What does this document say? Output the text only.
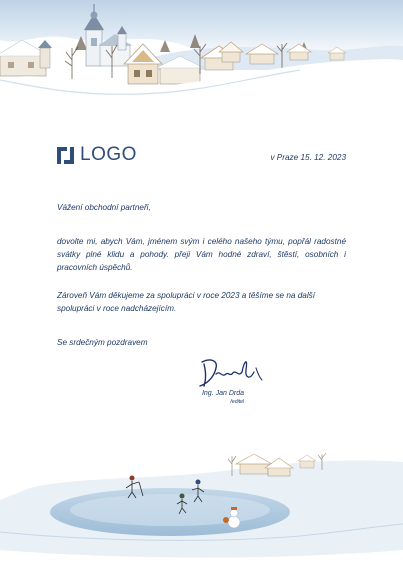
LOGO	v Praze 15. 12. 2023
Vážení obchodní partneři,
dovolte mi, abych Vám, jménem svým i celého našeho týmu, popřál radostné svátky plné klidu a pohody. přeji Vám hodné zdraví, štěstí, osobních i pracovních úspěchů.
Zároveň Vám děkujeme za spolupráci v roce 2023 a těšíme se na další spolupráci v roce nadcházejícím.
Se srdečným pozdravem
Ing. Jan Drda
ředitel
